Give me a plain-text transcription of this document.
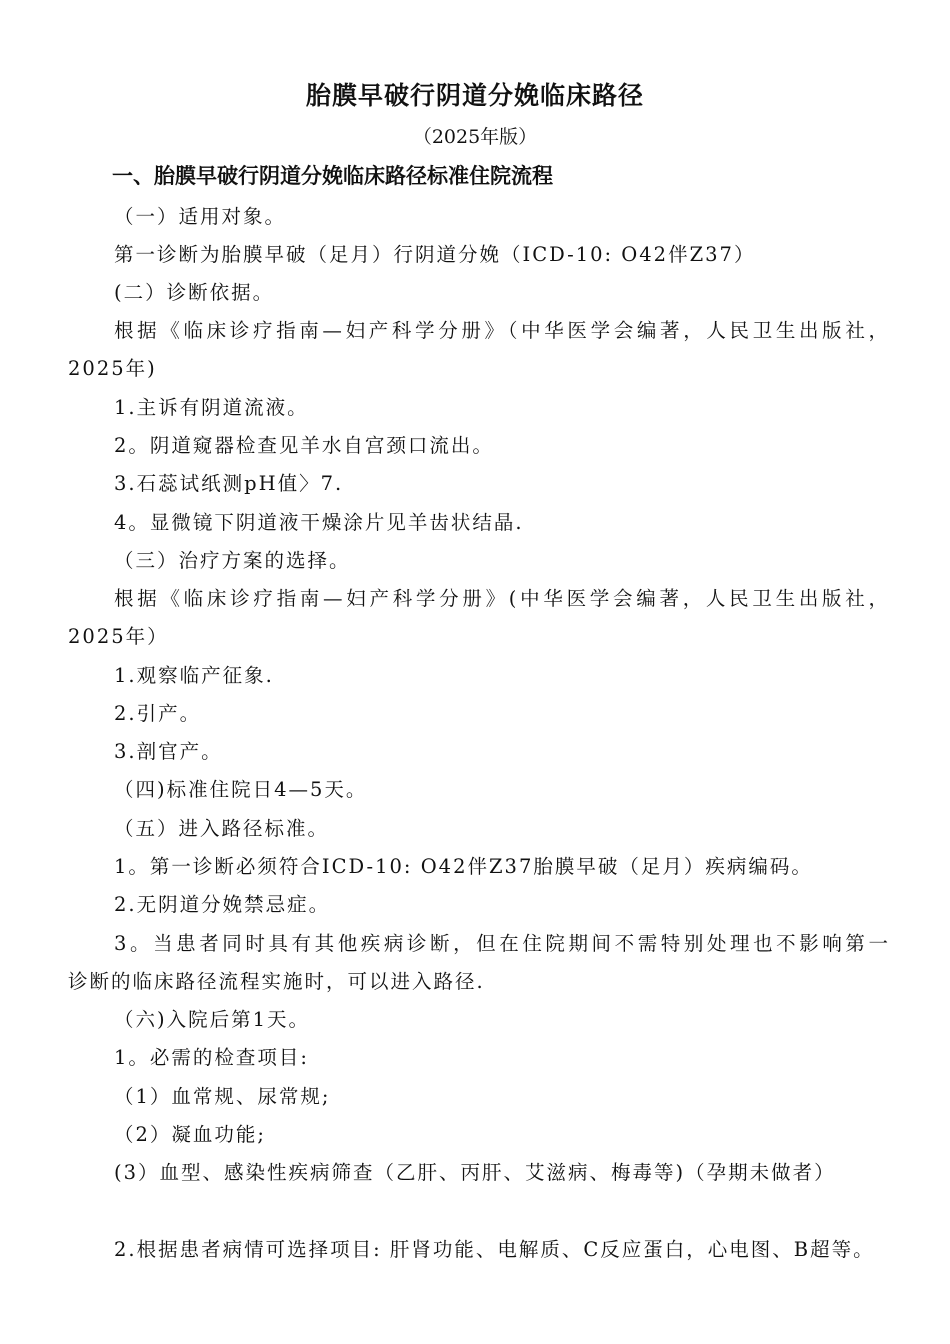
胎膜早破行阴道分娩临床路径
（2025年版）
一、胎膜早破行阴道分娩临床路径标准住院流程
（一）适用对象。
第一诊断为胎膜早破（足月）行阴道分娩（ICD-10: O42伴Z37）
(二）诊断依据。
根据《临床诊疗指南—妇产科学分册》（中华医学会编著，人民卫生出版社，
2025年)
1.主诉有阴道流液。
2。阴道窥器检查见羊水自宫颈口流出。
3.石蕊试纸测pH值〉7.
4。显微镜下阴道液干燥涂片见羊齿状结晶.
（三）治疗方案的选择。
根据《临床诊疗指南—妇产科学分册》(中华医学会编著，人民卫生出版社，
2025年）
1.观察临产征象.
2.引产。
3.剖官产。
（四)标准住院日4—5天。
（五）进入路径标准。
1。第一诊断必须符合ICD-10: O42伴Z37胎膜早破（足月）疾病编码。
2.无阴道分娩禁忌症。
3。当患者同时具有其他疾病诊断，但在住院期间不需特别处理也不影响第一
诊断的临床路径流程实施时，可以进入路径.
（六)入院后第1天。
1。必需的检查项目:
（1）血常规、尿常规;
（2）凝血功能;
(3）血型、感染性疾病筛查（乙肝、丙肝、艾滋病、梅毒等)（孕期未做者）
2.根据患者病情可选择项目: 肝肾功能、电解质、C反应蛋白，心电图、B超等。
